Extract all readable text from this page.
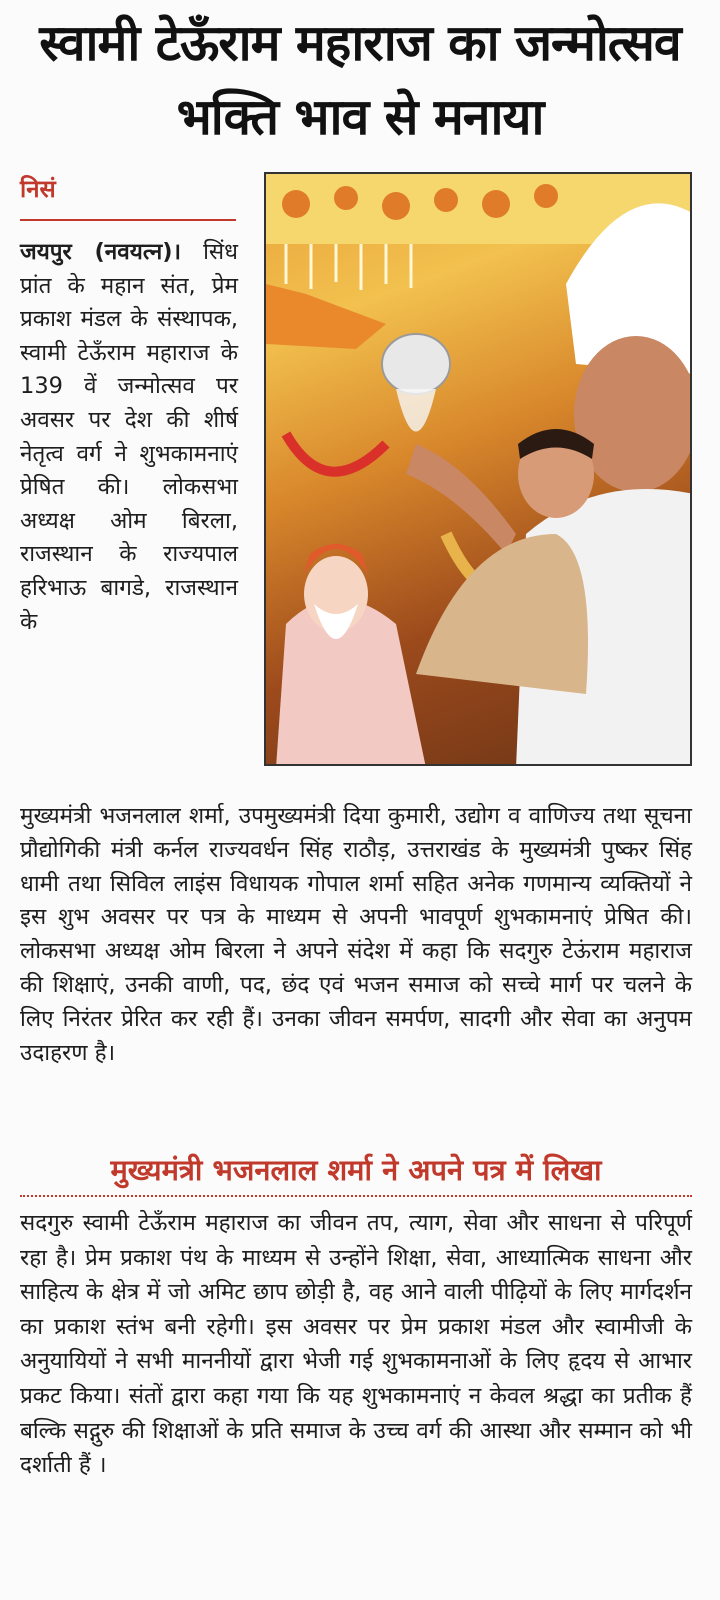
स्वामी टेऊँराम महाराज का जन्मोत्सव भक्ति भाव से मनाया
निसं
जयपुर (नवयत्न)। सिंध प्रांत के महान संत, प्रेम प्रकाश मंडल के संस्थापक, स्वामी टेऊँराम महाराज के 139 वें जन्मोत्सव पर अवसर पर देश की शीर्ष नेतृत्व वर्ग ने शुभकामनाएं प्रेषित की। लोकसभा अध्यक्ष ओम बिरला, राजस्थान के राज्यपाल हरिभाऊ बागडे, राजस्थान के
मुख्यमंत्री भजनलाल शर्मा, उपमुख्यमंत्री दिया कुमारी, उद्योग व वाणिज्य तथा सूचना प्रौद्योगिकी मंत्री कर्नल राज्यवर्धन सिंह राठौड़, उत्तराखंड के मुख्यमंत्री पुष्कर सिंह धामी तथा सिविल लाइंस विधायक गोपाल शर्मा सहित अनेक गणमान्य व्यक्तियों ने इस शुभ अवसर पर पत्र के माध्यम से अपनी भावपूर्ण शुभकामनाएं प्रेषित की। लोकसभा अध्यक्ष ओम बिरला ने अपने संदेश में कहा कि सदगुरु टेऊंराम महाराज की शिक्षाएं, उनकी वाणी, पद, छंद एवं भजन समाज को सच्चे मार्ग पर चलने के लिए निरंतर प्रेरित कर रही हैं। उनका जीवन समर्पण, सादगी और सेवा का अनुपम उदाहरण है।
मुख्यमंत्री भजनलाल शर्मा ने अपने पत्र में लिखा
सदगुरु स्वामी टेऊँराम महाराज का जीवन तप, त्याग, सेवा और साधना से परिपूर्ण रहा है। प्रेम प्रकाश पंथ के माध्यम से उन्होंने शिक्षा, सेवा, आध्यात्मिक साधना और साहित्य के क्षेत्र में जो अमिट छाप छोड़ी है, वह आने वाली पीढ़ियों के लिए मार्गदर्शन का प्रकाश स्तंभ बनी रहेगी। इस अवसर पर प्रेम प्रकाश मंडल और स्वामीजी के अनुयायियों ने सभी माननीयों द्वारा भेजी गई शुभकामनाओं के लिए हृदय से आभार प्रकट किया। संतों द्वारा कहा गया कि यह शुभकामनाएं न केवल श्रद्धा का प्रतीक हैं बल्कि सद्गुरु की शिक्षाओं के प्रति समाज के उच्च वर्ग की आस्था और सम्मान को भी दर्शाती हैं ।
